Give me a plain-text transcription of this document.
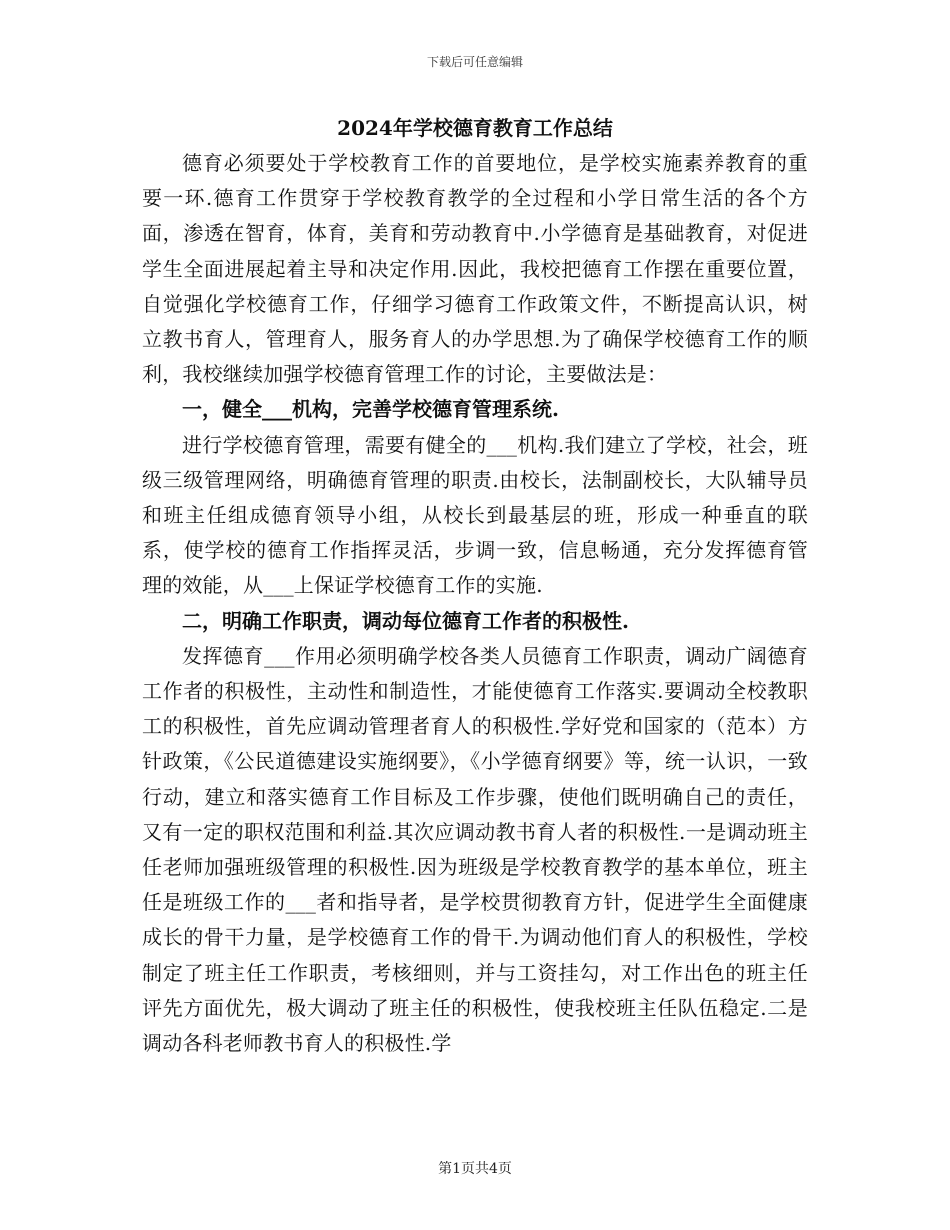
下载后可任意编辑
2024年学校德育教育工作总结

德育必须要处于学校教育工作的首要地位，是学校实施素养教育的重要一环.德育工作贯穿于学校教育教学的全过程和小学日常生活的各个方面，渗透在智育，体育，美育和劳动教育中.小学德育是基础教育，对促进学生全面进展起着主导和决定作用.因此，我校把德育工作摆在重要位置，自觉强化学校德育工作，仔细学习德育工作政策文件，不断提高认识，树立教书育人，管理育人，服务育人的办学思想.为了确保学校德育工作的顺利，我校继续加强学校德育管理工作的讨论，主要做法是：

一，健全___机构，完善学校德育管理系统.

进行学校德育管理，需要有健全的___机构.我们建立了学校，社会，班级三级管理网络，明确德育管理的职责.由校长，法制副校长，大队辅导员和班主任组成德育领导小组，从校长到最基层的班，形成一种垂直的联系，使学校的德育工作指挥灵活，步调一致，信息畅通，充分发挥德育管理的效能，从___上保证学校德育工作的实施.

二，明确工作职责，调动每位德育工作者的积极性.

发挥德育___作用必须明确学校各类人员德育工作职责，调动广阔德育工作者的积极性，主动性和制造性，才能使德育工作落实.要调动全校教职工的积极性，首先应调动管理者育人的积极性.学好党和国家的（范本）方针政策，《公民道德建设实施纲要》，《小学德育纲要》等，统一认识，一致行动，建立和落实德育工作目标及工作步骤，使他们既明确自己的责任，又有一定的职权范围和利益.其次应调动教书育人者的积极性.一是调动班主任老师加强班级管理的积极性.因为班级是学校教育教学的基本单位，班主任是班级工作的___者和指导者，是学校贯彻教育方针，促进学生全面健康成长的骨干力量，是学校德育工作的骨干.为调动他们育人的积极性，学校制定了班主任工作职责，考核细则，并与工资挂勾，对工作出色的班主任评先方面优先，极大调动了班主任的积极性，使我校班主任队伍稳定.二是调动各科老师教书育人的积极性.学

第1页共4页
